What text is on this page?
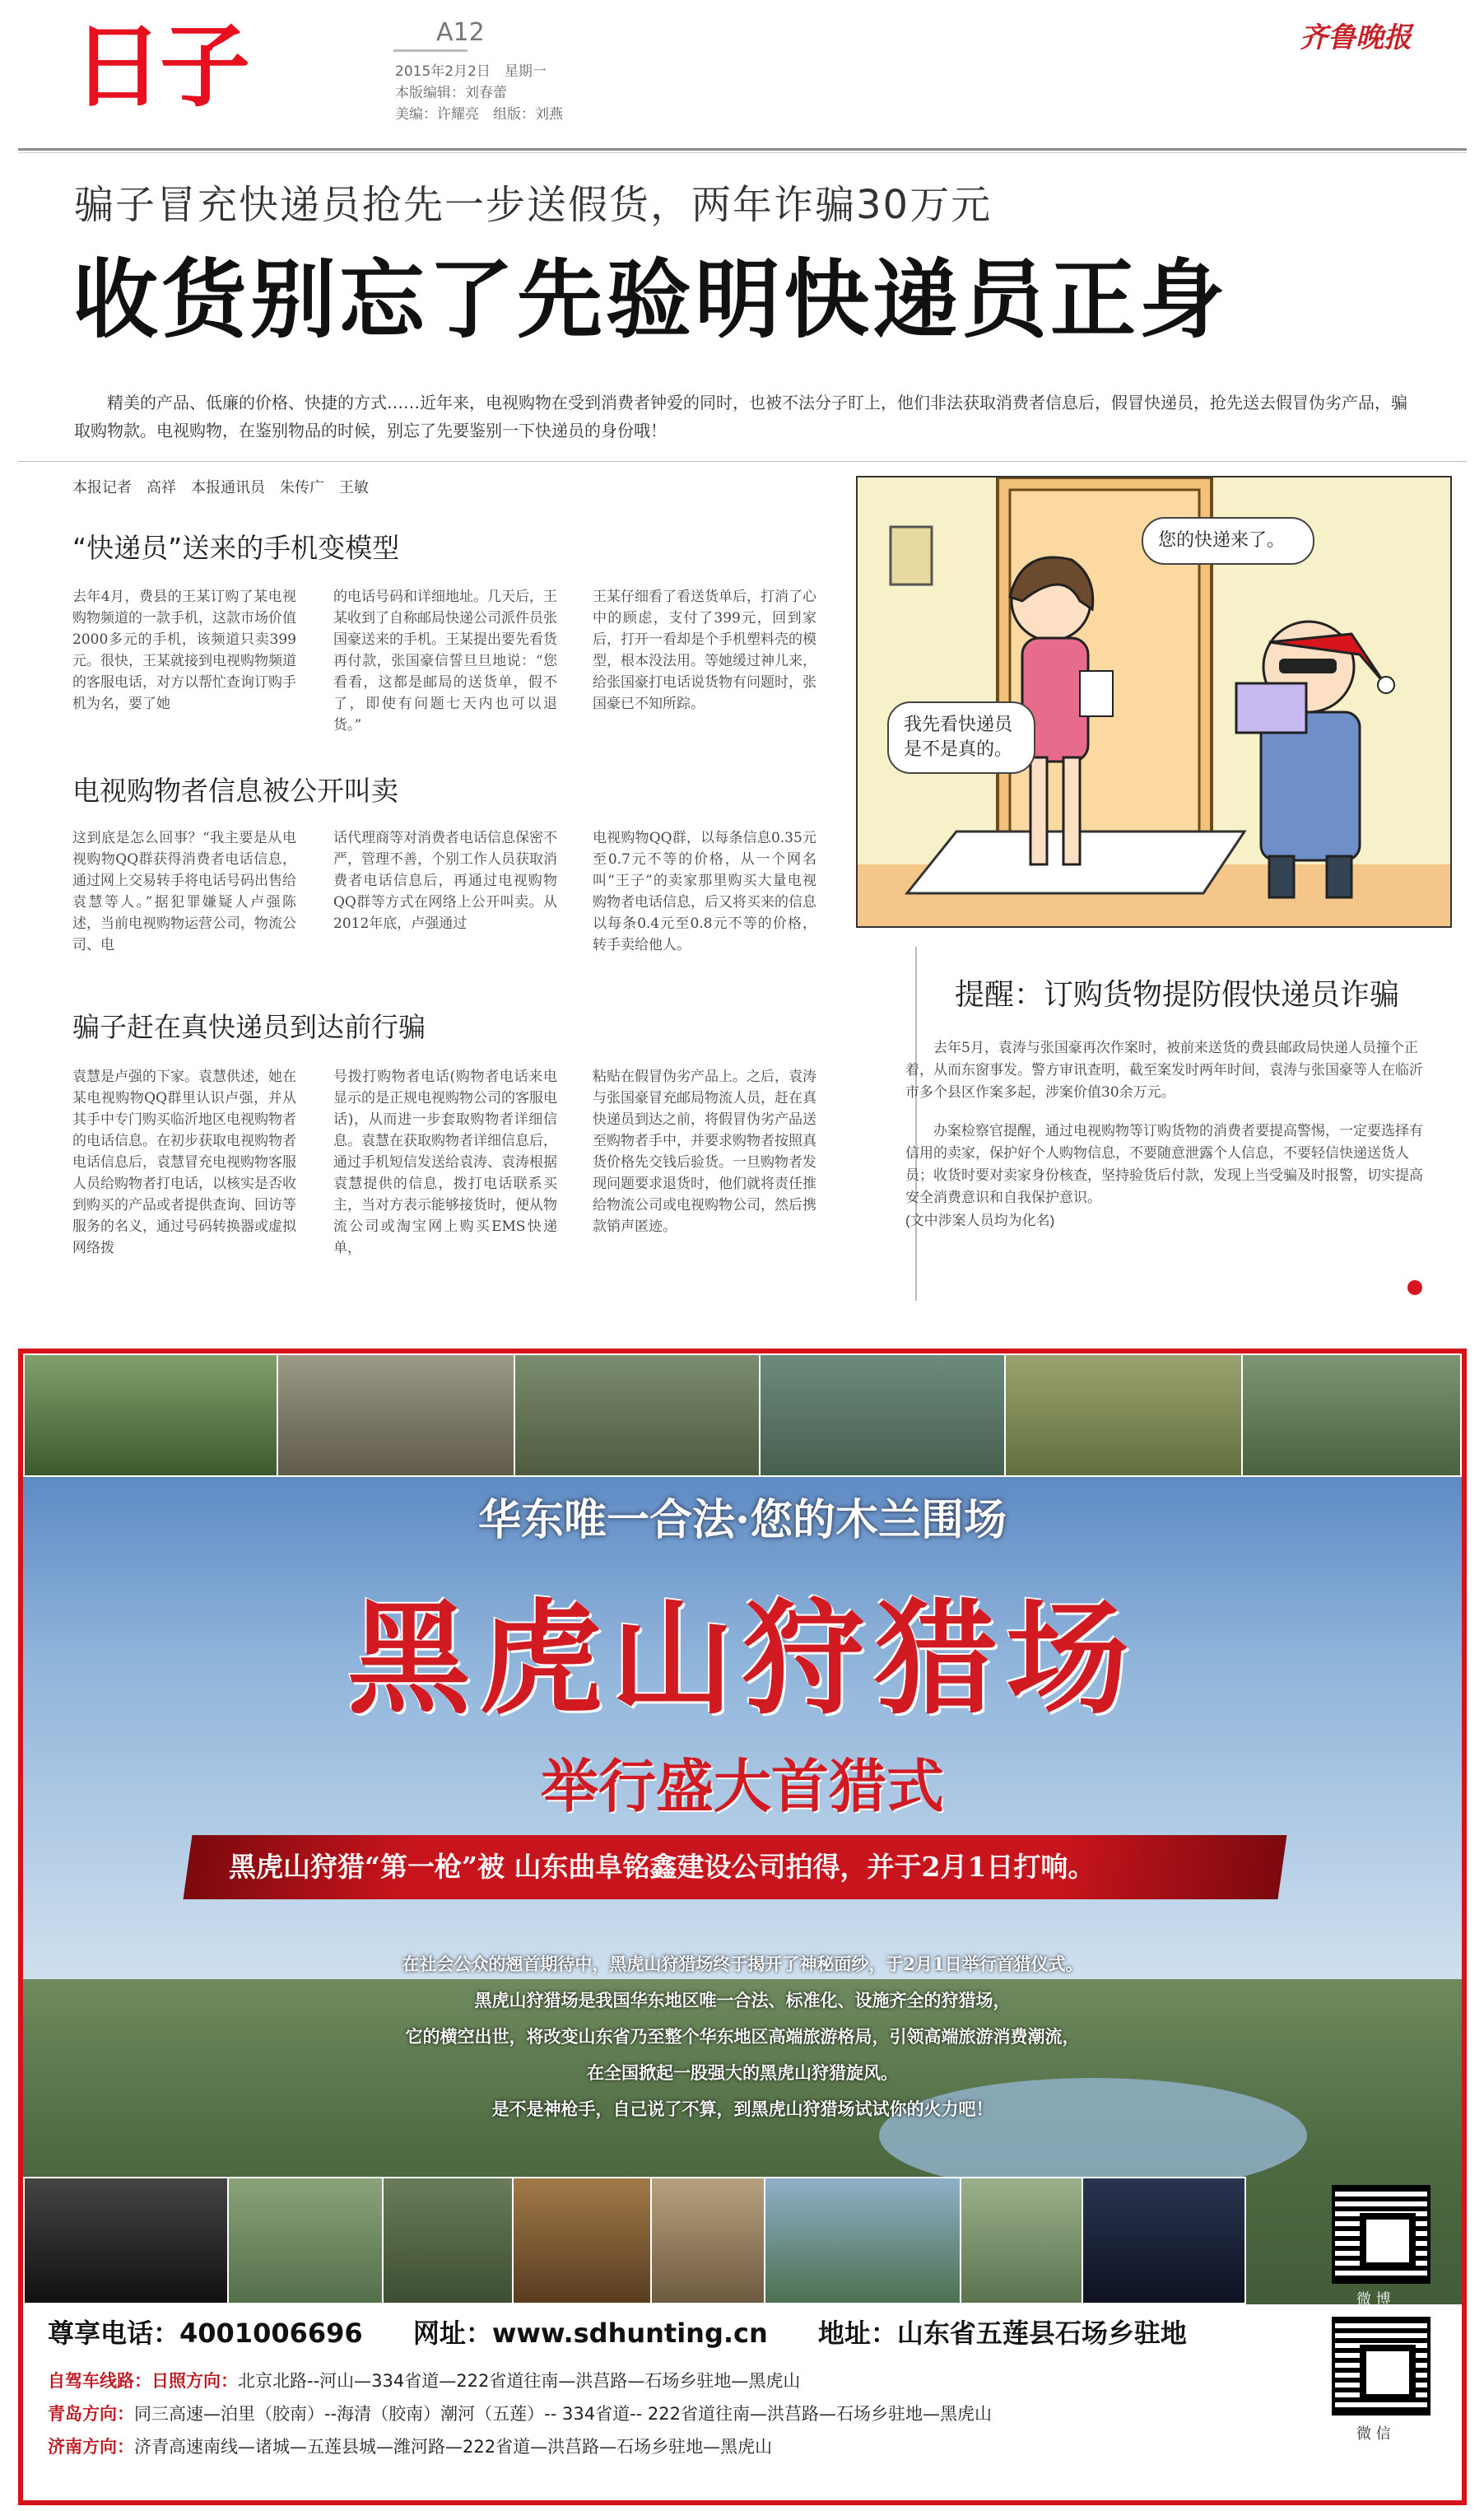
日子	A12
2015年2月2日　星期一
本版编辑：刘春蕾
美编：许耀亮　组版：刘燕
齐鲁晚报
骗子冒充快递员抢先一步送假货，两年诈骗30万元
收货别忘了先验明快递员正身
精美的产品、低廉的价格、快捷的方式……近年来，电视购物在受到消费者钟爱的同时，也被不法分子盯上，他们非法获取消费者信息后，假冒快递员，抢先送去假冒伪劣产品，骗取购物款。电视购物，在鉴别物品的时候，别忘了先要鉴别一下快递员的身份哦！
本报记者　高祥　本报通讯员　朱传广　王敏
“快递员”送来的手机变模型
去年4月，费县的王某订购了某电视购物频道的一款手机，这款市场价值2000多元的手机，该频道只卖399元。很快，王某就接到电视购物频道的客服电话，对方以帮忙查询订购手机为名，要了她
的电话号码和详细地址。几天后，王某收到了自称邮局快递公司派件员张国豪送来的手机。王某提出要先看货再付款，张国豪信誓旦旦地说：“您看看，这都是邮局的送货单，假不了，即使有问题七天内也可以退货。”
王某仔细看了看送货单后，打消了心中的顾虑，支付了399元，回到家后，打开一看却是个手机塑料壳的模型，根本没法用。等她缓过神儿来，给张国豪打电话说货物有问题时，张国豪已不知所踪。
电视购物者信息被公开叫卖
这到底是怎么回事？“我主要是从电视购物QQ群获得消费者电话信息，通过网上交易转手将电话号码出售给袁慧等人。”据犯罪嫌疑人卢强陈述，当前电视购物运营公司，物流公司、电
话代理商等对消费者电话信息保密不严，管理不善，个别工作人员获取消费者电话信息后，再通过电视购物QQ群等方式在网络上公开叫卖。从2012年底，卢强通过
电视购物QQ群，以每条信息0.35元至0.7元不等的价格，从一个网名叫“王子”的卖家那里购买大量电视购物者电话信息，后又将买来的信息以每条0.4元至0.8元不等的价格，转手卖给他人。
骗子赶在真快递员到达前行骗
袁慧是卢强的下家。袁慧供述，她在某电视购物QQ群里认识卢强，并从其手中专门购买临沂地区电视购物者的电话信息。在初步获取电视购物者电话信息后，袁慧冒充电视购物客服人员给购物者打电话，以核实是否收到购买的产品或者提供查询、回访等服务的名义，通过号码转换器或虚拟网络拨
号拨打购物者电话(购物者电话来电显示的是正规电视购物公司的客服电话)，从而进一步套取购物者详细信息。袁慧在获取购物者详细信息后，通过手机短信发送给袁涛、袁涛根据袁慧提供的信息，拨打电话联系买主，当对方表示能够接货时，便从物流公司或淘宝网上购买EMS快递单，
粘贴在假冒伪劣产品上。之后，袁涛与张国豪冒充邮局物流人员，赶在真快递员到达之前，将假冒伪劣产品送至购物者手中，并要求购物者按照真货价格先交钱后验货。一旦购物者发现问题要求退货时，他们就将责任推给物流公司或电视购物公司，然后携款销声匿迹。
您的快递来了。
我先看快递员是不是真的。
提醒：订购货物提防假快递员诈骗
去年5月，袁涛与张国豪再次作案时，被前来送货的费县邮政局快递人员撞个正着，从而东窗事发。警方审讯查明，截至案发时两年时间，袁涛与张国豪等人在临沂市多个县区作案多起，涉案价值30余万元。
办案检察官提醒，通过电视购物等订购货物的消费者要提高警惕，一定要选择有信用的卖家，保护好个人购物信息，不要随意泄露个人信息，不要轻信快递送货人员；收货时要对卖家身份核查，坚持验货后付款，发现上当受骗及时报警，切实提高安全消费意识和自我保护意识。
(文中涉案人员均为化名)
华东唯一合法·您的木兰围场
黑虎山狩猎场
举行盛大首猎式
黑虎山狩猎“第一枪”被 山东曲阜铭鑫建设公司拍得，并于2月1日打响。
在社会公众的翘首期待中，黑虎山狩猎场终于揭开了神秘面纱，于2月1日举行首猎仪式。
黑虎山狩猎场是我国华东地区唯一合法、标准化、设施齐全的狩猎场，
它的横空出世，将改变山东省乃至整个华东地区高端旅游格局，引领高端旅游消费潮流，
在全国掀起一股强大的黑虎山狩猎旋风。
是不是神枪手，自己说了不算，到黑虎山狩猎场试试你的火力吧！
尊享电话：4001006696 网址：www.sdhunting.cn 地址：山东省五莲县石场乡驻地
自驾车线路：日照方向：北京北路--河山—334省道—222省道往南—洪莒路—石场乡驻地—黑虎山
青岛方向：同三高速—泊里（胶南）--海清（胶南）潮河（五莲）-- 334省道-- 222省道往南—洪莒路—石场乡驻地—黑虎山
济南方向：济青高速南线—诸城—五莲县城—潍河路—222省道—洪莒路—石场乡驻地—黑虎山
微 博
微 信
